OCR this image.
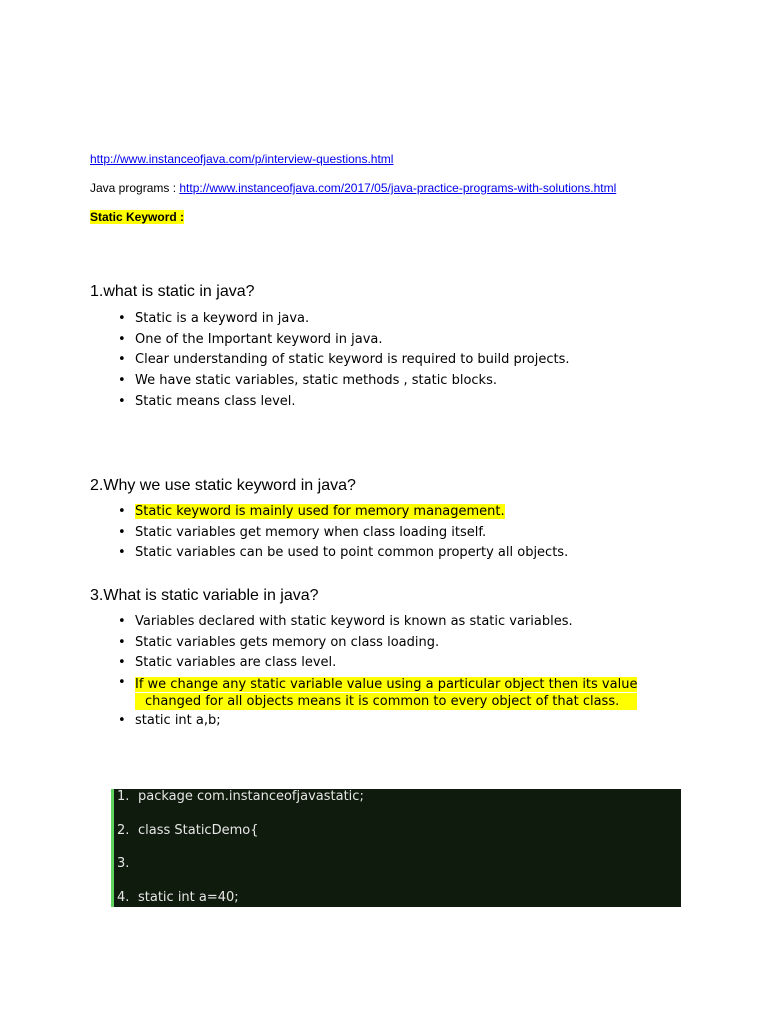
http://www.instanceofjava.com/p/interview-questions.html
Java programs : http://www.instanceofjava.com/2017/05/java-practice-programs-with-solutions.html
Static Keyword :
1.what is static in java?
• Static is a keyword in java.
• One of the Important keyword in java.
• Clear understanding of static keyword is required to build projects.
• We have static variables, static methods , static blocks.
• Static means class level.
2.Why we use static keyword in java?
• Static keyword is mainly used for memory management.
• Static variables get memory when class loading itself.
• Static variables can be used to point common property all objects.
3.What is static variable in java?
• Variables declared with static keyword is known as static variables.
• Static variables gets memory on class loading.
• Static variables are class level.
• If we change any static variable value using a particular object then its value

changed for all objects means it is common to every object of that class.
• static int a,b;
1. package com.instanceofjavastatic;
2. class StaticDemo{
3.
4. static int a=40;
